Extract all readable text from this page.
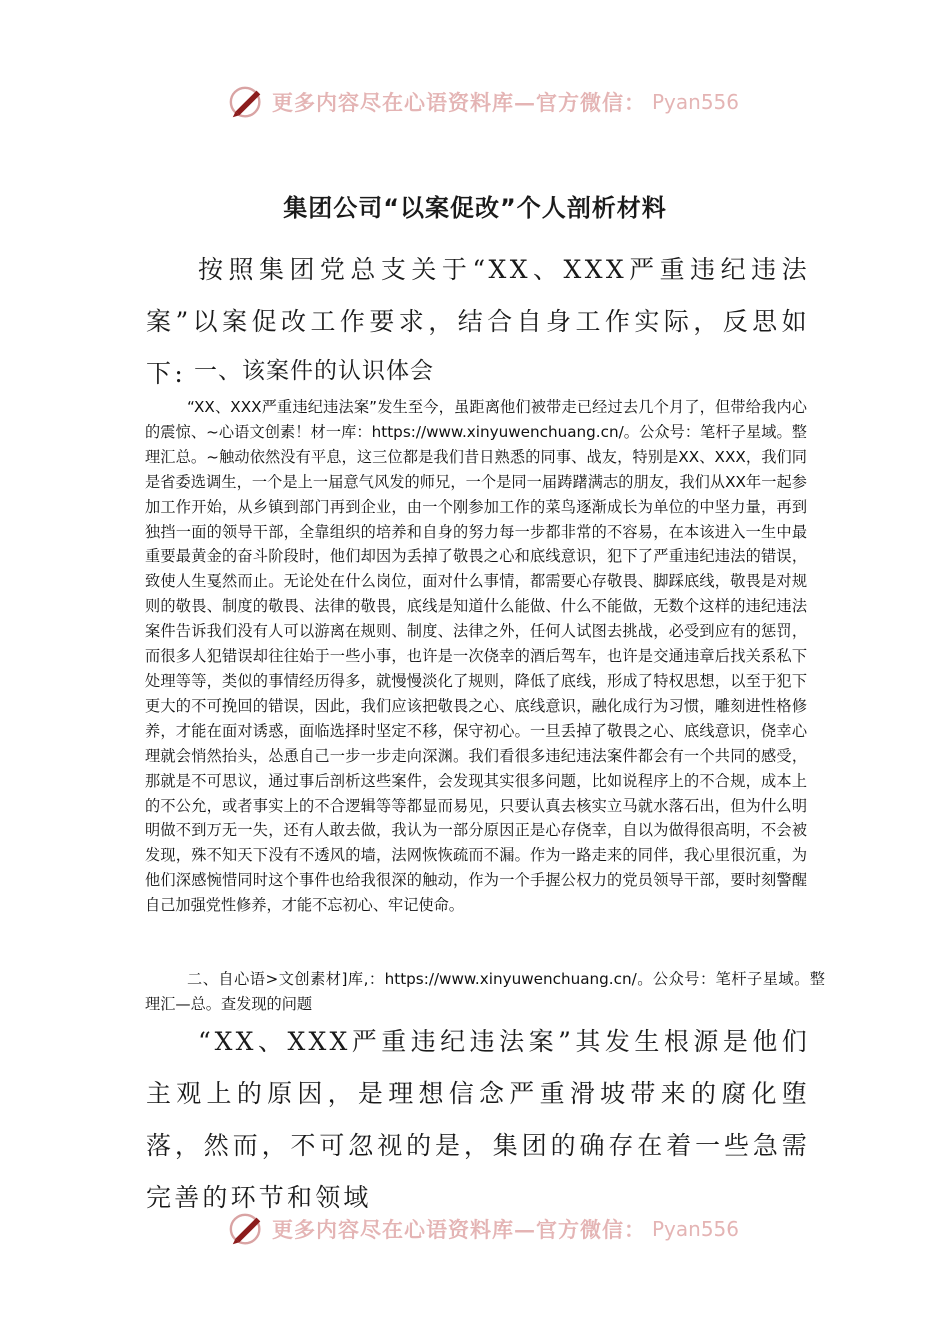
更多内容尽在心语资料库—官方微信： Pyan556
集团公司“以案促改”个人剖析材料

按照集团党总支关于“XX、XXX严重违纪违法案”以案促改工作要求，结合自身工作实际，反思如下: 一、该案件的认识体会

“XX、XXX严重违纪违法案”发生至今，虽距离他们被带走已经过去几个月了，但带给我内心的震惊、~心语文创素！材一库：https://www.xinyuwenchuang.cn/。公众号：笔杆子星域。整理汇总。~触动依然没有平息，这三位都是我们昔日熟悉的同事、战友，特别是XX、XXX，我们同是省委选调生，一个是上一届意气风发的师兄，一个是同一届踌躇满志的朋友，我们从XX年一起参加工作开始，从乡镇到部门再到企业，由一个刚参加工作的菜鸟逐渐成长为单位的中坚力量，再到独挡一面的领导干部，全靠组织的培养和自身的努力每一步都非常的不容易，在本该进入一生中最重要最黄金的奋斗阶段时，他们却因为丢掉了敬畏之心和底线意识，犯下了严重违纪违法的错误，致使人生戛然而止。无论处在什么岗位，面对什么事情，都需要心存敬畏、脚踩底线，敬畏是对规则的敬畏、制度的敬畏、法律的敬畏，底线是知道什么能做、什么不能做，无数个这样的违纪违法案件告诉我们没有人可以游离在规则、制度、法律之外，任何人试图去挑战，必受到应有的惩罚，而很多人犯错误却往往始于一些小事，也许是一次侥幸的酒后驾车，也许是交通违章后找关系私下处理等等，类似的事情经历得多，就慢慢淡化了规则，降低了底线，形成了特权思想，以至于犯下更大的不可挽回的错误，因此，我们应该把敬畏之心、底线意识，融化成行为习惯，雕刻进性格修养，才能在面对诱惑，面临选择时坚定不移，保守初心。一旦丢掉了敬畏之心、底线意识，侥幸心理就会悄然抬头，怂恿自己一步一步走向深渊。我们看很多违纪违法案件都会有一个共同的感受，那就是不可思议，通过事后剖析这些案件，会发现其实很多问题，比如说程序上的不合规，成本上的不公允，或者事实上的不合逻辑等等都显而易见，只要认真去核实立马就水落石出，但为什么明明做不到万无一失，还有人敢去做，我认为一部分原因正是心存侥幸，自以为做得很高明，不会被发现，殊不知天下没有不透风的墙，法网恢恢疏而不漏。作为一路走来的同伴，我心里很沉重，为他们深感惋惜同时这个事件也给我很深的触动，作为一个手握公权力的党员领导干部，要时刻警醒自己加强党性修养，才能不忘初心、牢记使命。

二、自心语>文创素材]库,：https://www.xinyuwenchuang.cn/。公众号：笔杆子星域。整理汇—总。查发现的问题

“XX、XXX严重违纪违法案”其发生根源是他们主观上的原因，是理想信念严重滑坡带来的腐化堕落，然而，不可忽视的是，集团的确存在着一些急需完善的环节和领域

更多内容尽在心语资料库—官方微信： Pyan556
